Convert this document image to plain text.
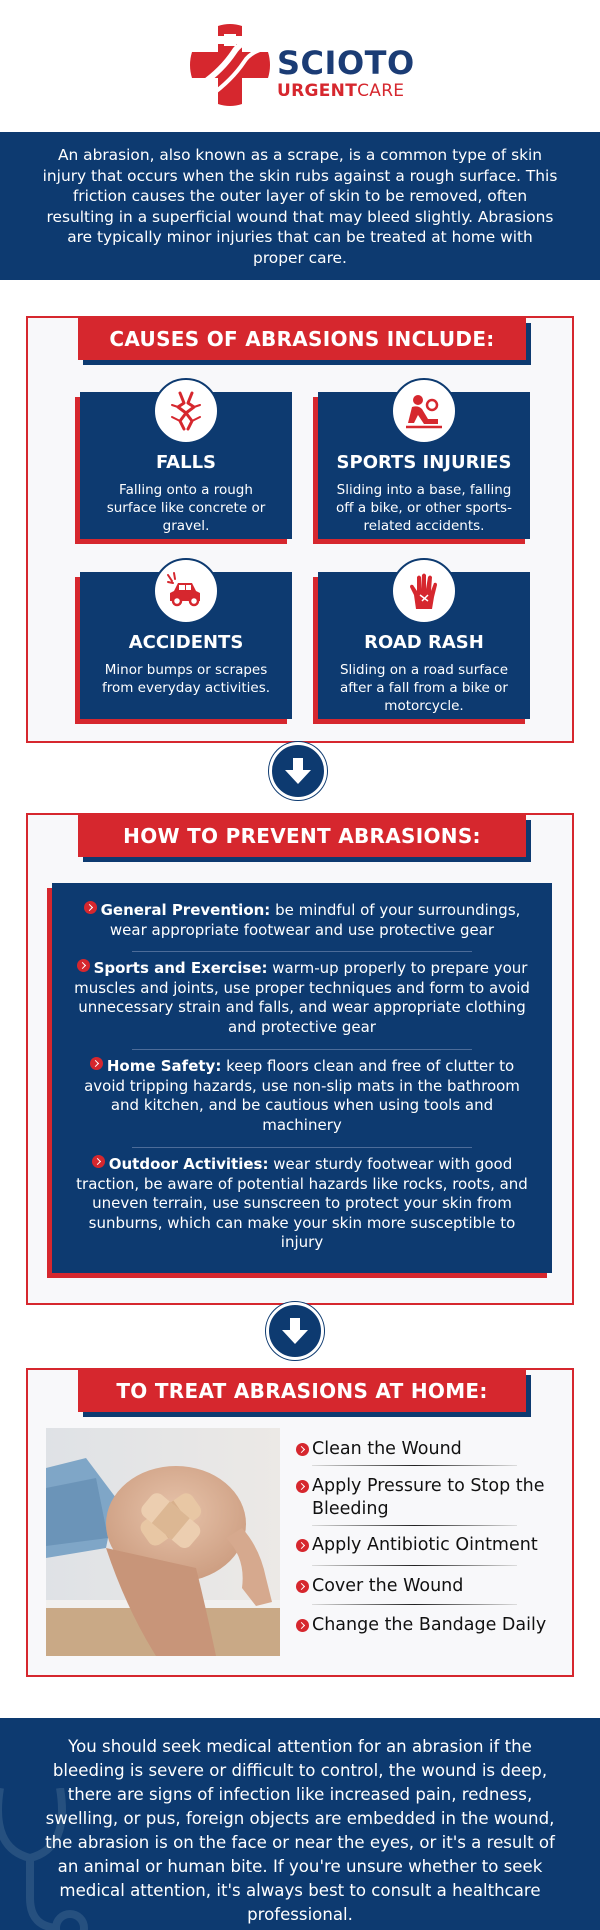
SCIOTO
URGENTCARE

An abrasion, also known as a scrape, is a common type of skin injury that occurs when the skin rubs against a rough surface. This friction causes the outer layer of skin to be removed, often resulting in a superficial wound that may bleed slightly. Abrasions are typically minor injuries that can be treated at home with proper care.

CAUSES OF ABRASIONS INCLUDE:
FALLS

Falling onto a rough surface like concrete or gravel.

SPORTS INJURIES

Sliding into a base, falling off a bike, or other sports-related accidents.

ACCIDENTS

Minor bumps or scrapes from everyday activities.

ROAD RASH

Sliding on a road surface after a fall from a bike or motorcycle.

HOW TO PREVENT ABRASIONS:
General Prevention: be mindful of your surroundings, wear appropriate footwear and use protective gear
Sports and Exercise: warm-up properly to prepare your muscles and joints, use proper techniques and form to avoid unnecessary strain and falls, and wear appropriate clothing and protective gear
Home Safety: keep floors clean and free of clutter to avoid tripping hazards, use non-slip mats in the bathroom and kitchen, and be cautious when using tools and machinery
Outdoor Activities: wear sturdy footwear with good traction, be aware of potential hazards like rocks, roots, and uneven terrain, use sunscreen to protect your skin from sunburns, which can make your skin more susceptible to injury
TO TREAT ABRASIONS AT HOME:
Clean the Wound
Apply Pressure to Stop the Bleeding
Apply Antibiotic Ointment
Cover the Wound
Change the Bandage Daily

You should seek medical attention for an abrasion if the bleeding is severe or difficult to control, the wound is deep, there are signs of infection like increased pain, redness, swelling, or pus, foreign objects are embedded in the wound, the abrasion is on the face or near the eyes, or it's a result of an animal or human bite. If you're unsure whether to seek medical attention, it's always best to consult a healthcare professional.
